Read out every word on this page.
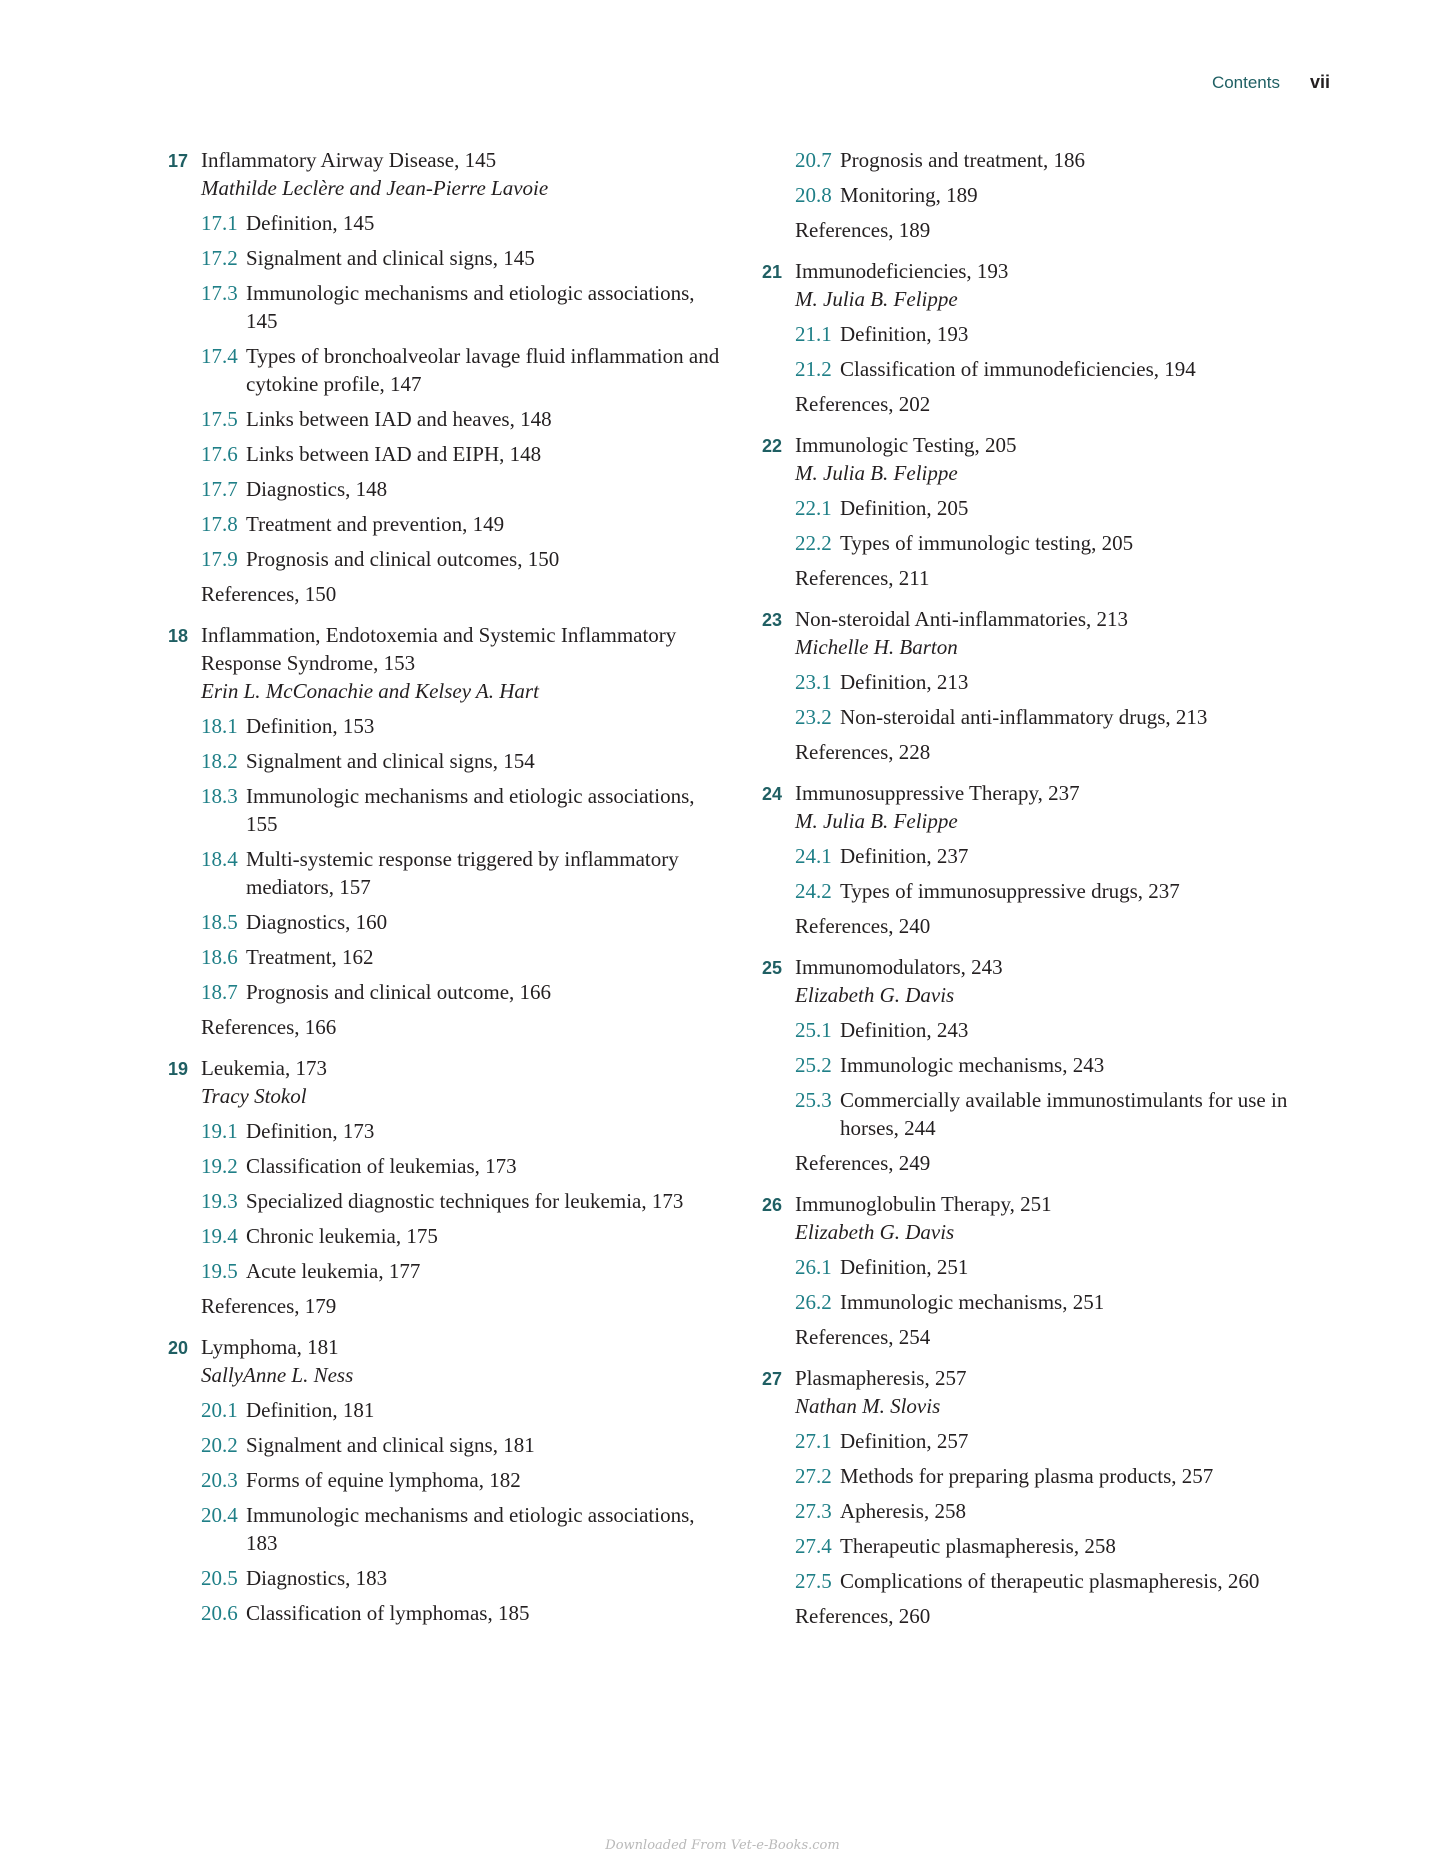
Contents vii
17 Inflammatory Airway Disease, 145
Mathilde Leclère and Jean-Pierre Lavoie
17.1 Definition, 145
17.2 Signalment and clinical signs, 145
17.3 Immunologic mechanisms and etiologic associations, 145
17.4 Types of bronchoalveolar lavage fluid inflammation and cytokine profile, 147
17.5 Links between IAD and heaves, 148
17.6 Links between IAD and EIPH, 148
17.7 Diagnostics, 148
17.8 Treatment and prevention, 149
17.9 Prognosis and clinical outcomes, 150
References, 150
18 Inflammation, Endotoxemia and Systemic Inflammatory Response Syndrome, 153
Erin L. McConachie and Kelsey A. Hart
18.1 Definition, 153
18.2 Signalment and clinical signs, 154
18.3 Immunologic mechanisms and etiologic associations, 155
18.4 Multi-systemic response triggered by inflammatory mediators, 157
18.5 Diagnostics, 160
18.6 Treatment, 162
18.7 Prognosis and clinical outcome, 166
References, 166
19 Leukemia, 173
Tracy Stokol
19.1 Definition, 173
19.2 Classification of leukemias, 173
19.3 Specialized diagnostic techniques for leukemia, 173
19.4 Chronic leukemia, 175
19.5 Acute leukemia, 177
References, 179
20 Lymphoma, 181
SallyAnne L. Ness
20.1 Definition, 181
20.2 Signalment and clinical signs, 181
20.3 Forms of equine lymphoma, 182
20.4 Immunologic mechanisms and etiologic associations, 183
20.5 Diagnostics, 183
20.6 Classification of lymphomas, 185
20.7 Prognosis and treatment, 186
20.8 Monitoring, 189
References, 189
21 Immunodeficiencies, 193
M. Julia B. Felippe
21.1 Definition, 193
21.2 Classification of immunodeficiencies, 194
References, 202
22 Immunologic Testing, 205
M. Julia B. Felippe
22.1 Definition, 205
22.2 Types of immunologic testing, 205
References, 211
23 Non-steroidal Anti-inflammatories, 213
Michelle H. Barton
23.1 Definition, 213
23.2 Non-steroidal anti-inflammatory drugs, 213
References, 228
24 Immunosuppressive Therapy, 237
M. Julia B. Felippe
24.1 Definition, 237
24.2 Types of immunosuppressive drugs, 237
References, 240
25 Immunomodulators, 243
Elizabeth G. Davis
25.1 Definition, 243
25.2 Immunologic mechanisms, 243
25.3 Commercially available immunostimulants for use in horses, 244
References, 249
26 Immunoglobulin Therapy, 251
Elizabeth G. Davis
26.1 Definition, 251
26.2 Immunologic mechanisms, 251
References, 254
27 Plasmapheresis, 257
Nathan M. Slovis
27.1 Definition, 257
27.2 Methods for preparing plasma products, 257
27.3 Apheresis, 258
27.4 Therapeutic plasmapheresis, 258
27.5 Complications of therapeutic plasmapheresis, 260
References, 260
Downloaded From Vet-e-Books.com
